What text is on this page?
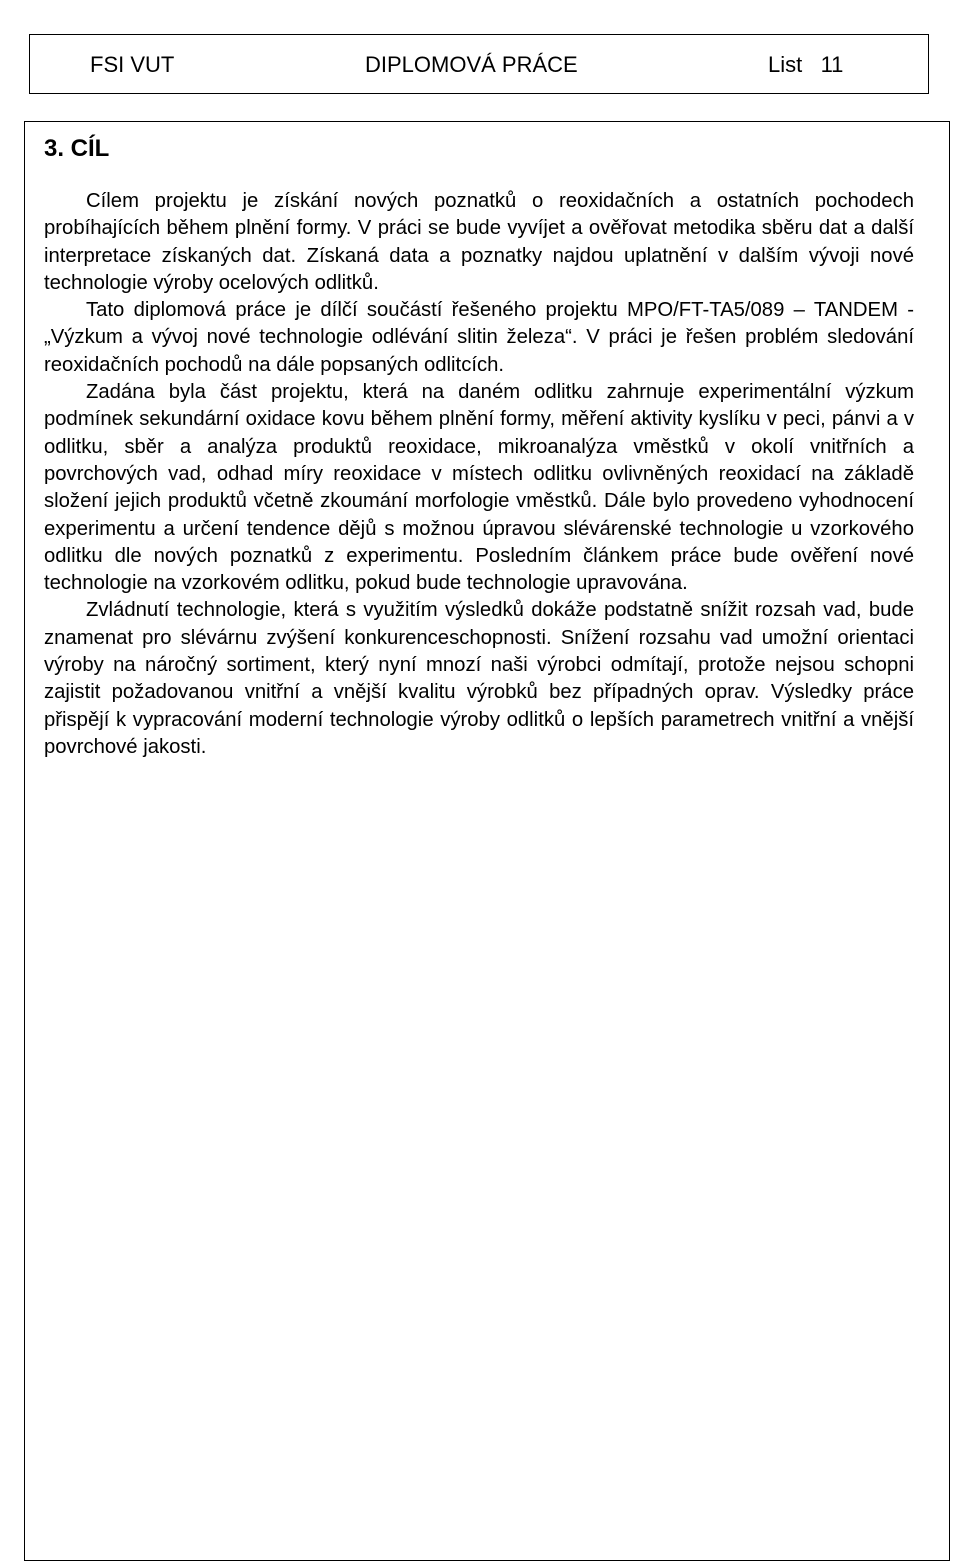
FSI VUT	DIPLOMOVÁ PRÁCE	List   11
3. CÍL

Cílem projektu je získání nových poznatků o reoxidačních a ostatních pochodech probíhajících během plnění formy. V práci se bude vyvíjet a ověřovat metodika sběru dat a další interpretace získaných dat. Získaná data a poznatky najdou uplatnění v dalším vývoji nové technologie výroby ocelových odlitků.

Tato diplomová práce je dílčí součástí řešeného projektu MPO/FT-TA5/089 – TANDEM - „Výzkum a vývoj nové technologie odlévání slitin železa“. V práci je řešen problém sledování reoxidačních pochodů na dále popsaných odlitcích.

Zadána byla část projektu, která na daném odlitku zahrnuje experimentální výzkum podmínek sekundární oxidace kovu během plnění formy, měření aktivity kyslíku v peci, pánvi a v odlitku, sběr a analýza produktů reoxidace, mikroanalýza vměstků v okolí vnitřních a povrchových vad, odhad míry reoxidace v místech odlitku ovlivněných reoxidací na základě složení jejich produktů včetně zkoumání morfologie vměstků. Dále bylo provedeno vyhodnocení experimentu a určení tendence dějů s možnou úpravou slévárenské technologie u vzorkového odlitku dle nových poznatků z experimentu. Posledním článkem práce bude ověření nové technologie na vzorkovém odlitku, pokud bude technologie upravována.

Zvládnutí technologie, která s využitím výsledků dokáže podstatně snížit rozsah vad, bude znamenat pro slévárnu zvýšení konkurenceschopnosti. Snížení rozsahu vad umožní orientaci výroby na náročný sortiment, který nyní mnozí naši výrobci odmítají, protože nejsou schopni zajistit požadovanou vnitřní a vnější kvalitu výrobků bez případných oprav. Výsledky práce přispějí k vypracování moderní technologie výroby odlitků o lepších parametrech vnitřní a vnější povrchové jakosti.
